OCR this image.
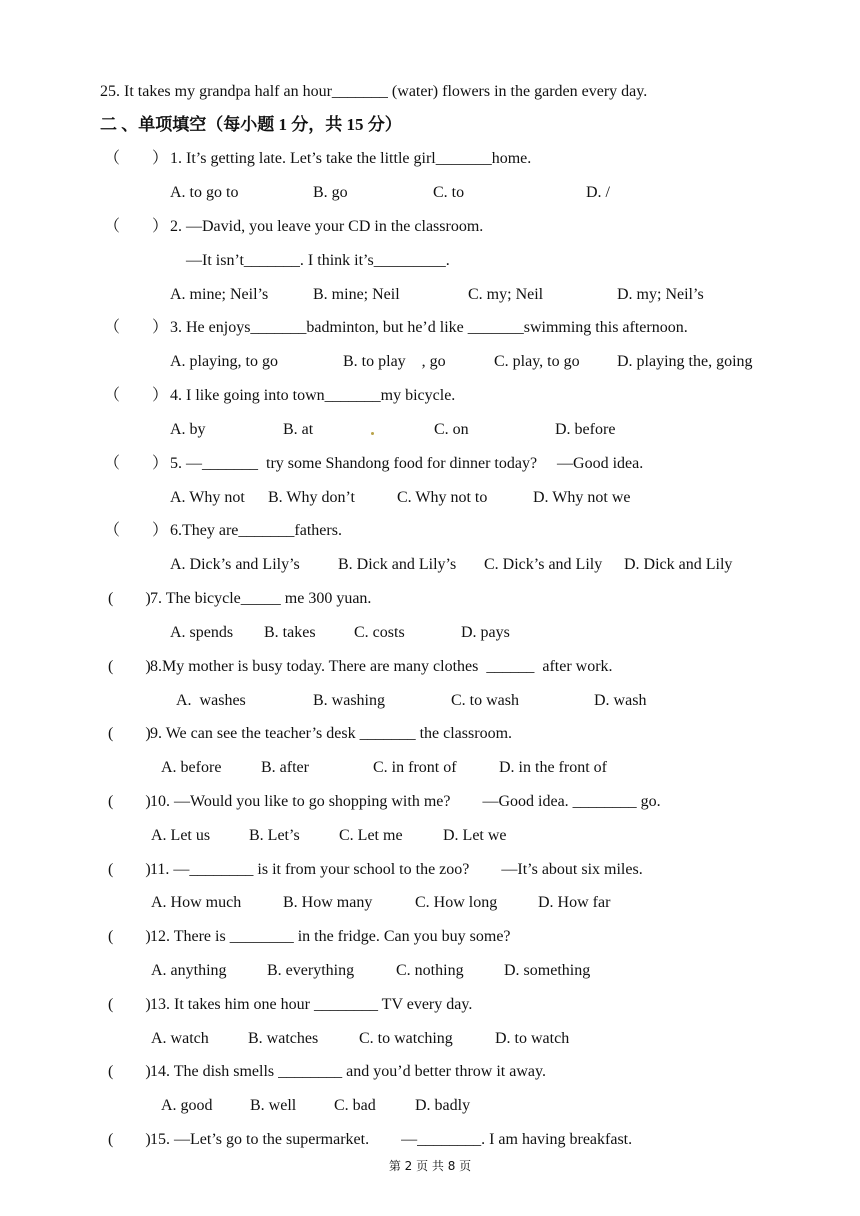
25. It takes my grandpa half an hour_______ (water) flowers in the garden every day.
二 、单项填空（每小题 1 分，共 15 分）
（        ） 1. It’s getting late. Let’s take the little girl_______home.
A. to go to	B. go	C. to	D. /
（        ） 2. —David, you leave your CD in the classroom.
—It isn’t_______. I think it’s_________.
A. mine; Neil’s	B. mine; Neil	C. my; Neil	D. my; Neil’s
（        ） 3. He enjoys_______badminton, but he’d like _______swimming this afternoon.
A. playing, to go	B. to play    , go	C. play, to go D. playing the, going
（        ） 4. I like going into town_______my bicycle.
A. by	B. at	C. on	D. before
（        ） 5. —_______  try some Shandong food for dinner today?     —Good idea.
A. Why not B. Why don’t	C. Why not to	D. Why not we
（        ） 6.They are_______fathers.
A. Dick’s and Lily’s B. Dick and Lily’s C. Dick’s and Lily D. Dick and Lily
(        ) 7. The bicycle_____ me 300 yuan.
A. spends B. takes C. costs	D. pays
(        ) 8.My mother is busy today. There are many clothes  ______  after work.
A.  washes	B. washing	C. to wash	D. wash
(        ) 9. We can see the teacher’s desk _______ the classroom.
A. before B. after	C. in front of	D. in the front of
(        ) 10. —Would you like to go shopping with me?        —Good idea. ________ go.
A. Let us B. Let’s C. Let me	D. Let we
(        ) 11. —________ is it from your school to the zoo?        —It’s about six miles.
A. How much	B. How many	C. How long	D. How far
(        ) 12. There is ________ in the fridge. Can you buy some?
A. anything	B. everything	C. nothing	D. something
(        ) 13. It takes him one hour ________ TV every day.
A. watch B. watches	C. to watching	D. to watch
(        ) 14. The dish smells ________ and you’d better throw it away.
A. good B. well C. bad D. badly
(        ) 15. —Let’s go to the supermarket.        —________. I am having breakfast.
第 2 页 共 8 页
